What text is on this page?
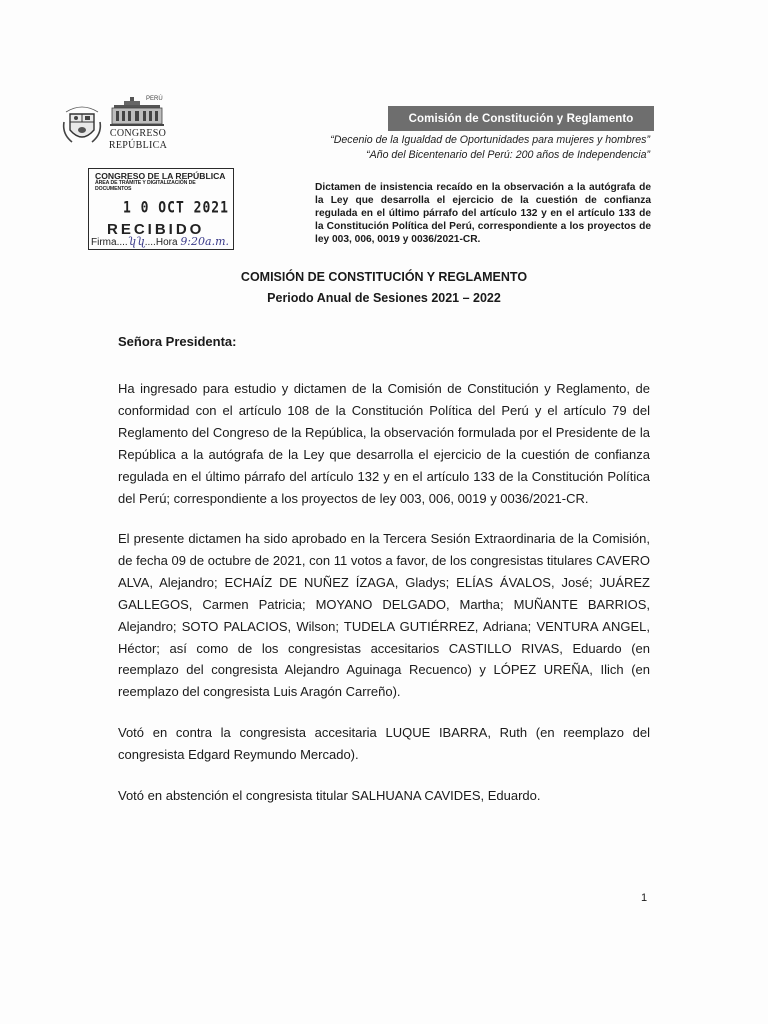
PERÚ
CONGRESO
REPÚBLICA
Comisión de Constitución y Reglamento
“Decenio de la Igualdad de Oportunidades para mujeres y hombres”
“Año del Bicentenario del Perú: 200 años de Independencia”
CONGRESO DE LA REPÚBLICA
ÁREA DE TRÁMITE Y DIGITALIZACIÓN DE DOCUMENTOS
1 0 OCT 2021
RECIBIDO
Firma....ʮʯ....Hora 9:20a.m.
Dictamen de insistencia recaído en la observación a la autógrafa de la Ley que desarrolla el ejercicio de la cuestión de confianza regulada en el último párrafo del artículo 132 y en el artículo 133 de la Constitución Política del Perú, correspondiente a los proyectos de ley 003, 006, 0019 y 0036/2021-CR.
COMISIÓN DE CONSTITUCIÓN Y REGLAMENTO
Periodo Anual de Sesiones 2021 – 2022
Señora Presidenta:
Ha ingresado para estudio y dictamen de la Comisión de Constitución y Reglamento, de conformidad con el artículo 108 de la Constitución Política del Perú y el artículo 79 del Reglamento del Congreso de la República, la observación formulada por el Presidente de la República a la autógrafa de la Ley que desarrolla el ejercicio de la cuestión de confianza regulada en el último párrafo del artículo 132 y en el artículo 133 de la Constitución Política del Perú; correspondiente a los proyectos de ley 003, 006, 0019 y 0036/2021-CR.
El presente dictamen ha sido aprobado en la Tercera Sesión Extraordinaria de la Comisión, de fecha 09 de octubre de 2021, con 11 votos a favor, de los congresistas titulares CAVERO ALVA, Alejandro; ECHAÍZ DE NUÑEZ ÍZAGA, Gladys; ELÍAS ÁVALOS, José; JUÁREZ GALLEGOS, Carmen Patricia; MOYANO DELGADO, Martha; MUÑANTE BARRIOS, Alejandro; SOTO PALACIOS, Wilson; TUDELA GUTIÉRREZ, Adriana; VENTURA ANGEL, Héctor; así como de los congresistas accesitarios CASTILLO RIVAS, Eduardo (en reemplazo del congresista Alejandro Aguinaga Recuenco) y LÓPEZ UREÑA, Ilich (en reemplazo del congresista Luis Aragón Carreño).
Votó en contra la congresista accesitaria LUQUE IBARRA, Ruth (en reemplazo del congresista Edgard Reymundo Mercado).
Votó en abstención el congresista titular SALHUANA CAVIDES, Eduardo.
1
